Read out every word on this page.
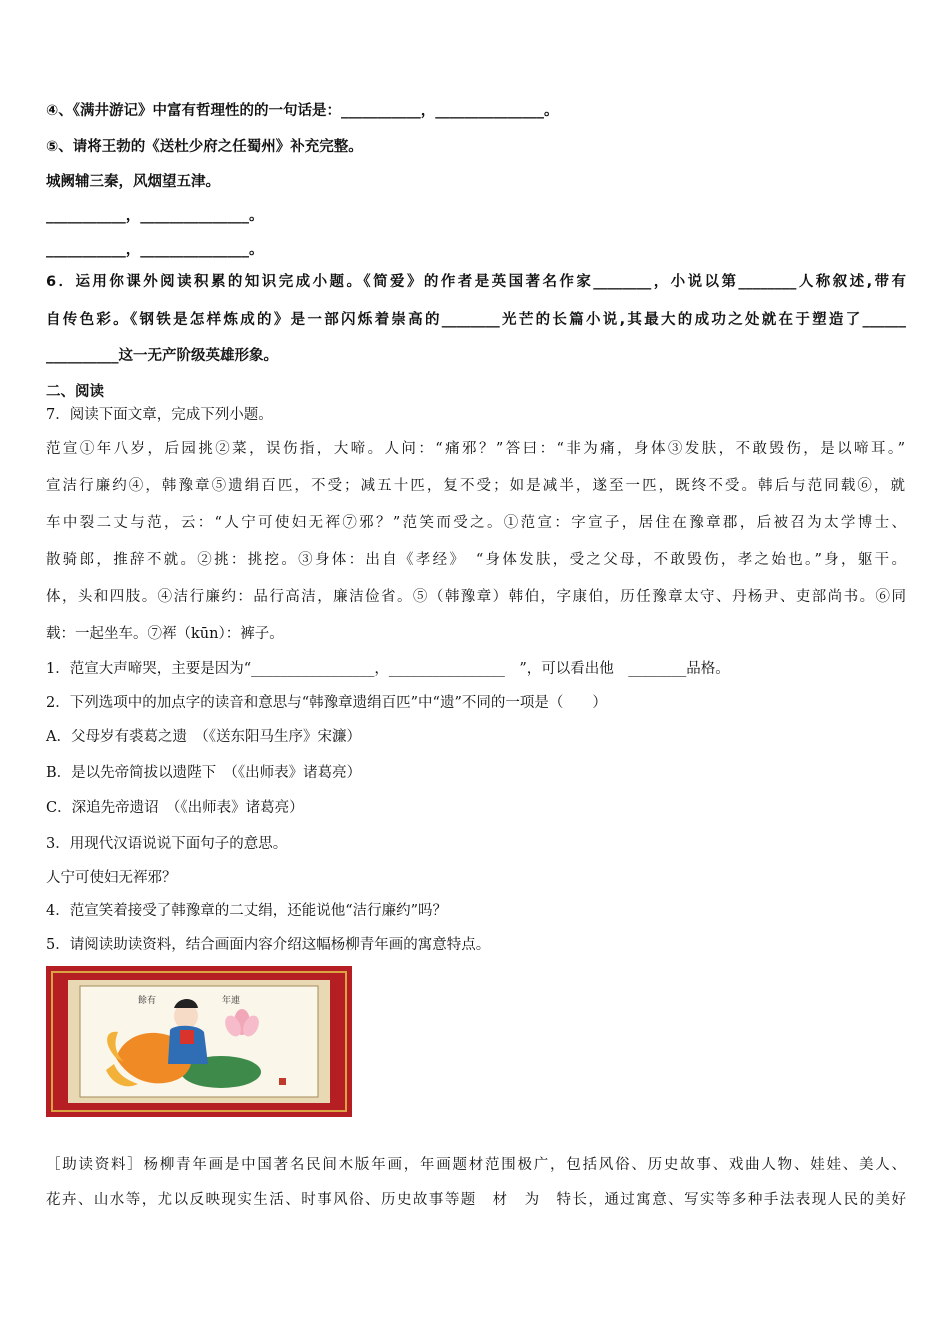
④、《满井游记》中富有哲理性的的一句话是：___________，_______________。
⑤、请将王勃的《送杜少府之任蜀州》补充完整。
城阙辅三秦，风烟望五津。
___________，_______________。
___________，_______________。
6．运用你课外阅读积累的知识完成小题。《简爱》的作者是英国著名作家________，小说以第________人称叙述,带有
自传色彩。《钢铁是怎样炼成的》是一部闪烁着崇高的________光芒的长篇小说,其最大的成功之处就在于塑造了______
__________这一无产阶级英雄形象。
二、阅读
7．阅读下面文章，完成下列小题。
范宣①年八岁，后园挑②菜，误伤指，大啼。人问：“痛邪？”答曰：“非为痛，身体③发肤，不敢毁伤，是以啼耳。”
宣洁行廉约④，韩豫章⑤遗绢百匹，不受；减五十匹，复不受；如是减半，遂至一匹，既终不受。韩后与范同载⑥，就
车中裂二丈与范，云：“人宁可使妇无裈⑦邪？”范笑而受之。①范宣：字宣子，居住在豫章郡，后被召为太学博士、
散骑郎，推辞不就。②挑：挑挖。③身体：出自《孝经》　“身体发肤，受之父母，不敢毁伤，孝之始也。”身，躯干。
体，头和四肢。④洁行廉约：品行高洁，廉洁俭省。⑤（韩豫章）韩伯，字康伯，历任豫章太守、丹杨尹、吏部尚书。⑥同
载：一起坐车。⑦裈（kūn）：裤子。
1．范宣大声啼哭，主要是因为“_________________，________________　”，可以看出他　________品格。
2．下列选项中的加点字的读音和意思与“韩豫章遗绢百匹”中“遗”不同的一项是（　　）
A．父母岁有裘葛之遗　（《送东阳马生序》宋濂）
B．是以先帝简拔以遗陛下　（《出师表》诸葛亮）
C．深追先帝遗诏　（《出师表》诸葛亮）
3．用现代汉语说说下面句子的意思。
人宁可使妇无裈邪？
4．范宣笑着接受了韩豫章的二丈绢，还能说他“洁行廉约”吗？
5．请阅读助读资料，结合画面内容介绍这幅杨柳青年画的寓意特点。
餘有	年連
［助读资料］杨柳青年画是中国著名民间木版年画，年画题材范围极广，包括风俗、历史故事、戏曲人物、娃娃、美人、
花卉、山水等，尤以反映现实生活、时事风俗、历史故事等题　材　为　特长，通过寓意、写实等多种手法表现人民的美好
